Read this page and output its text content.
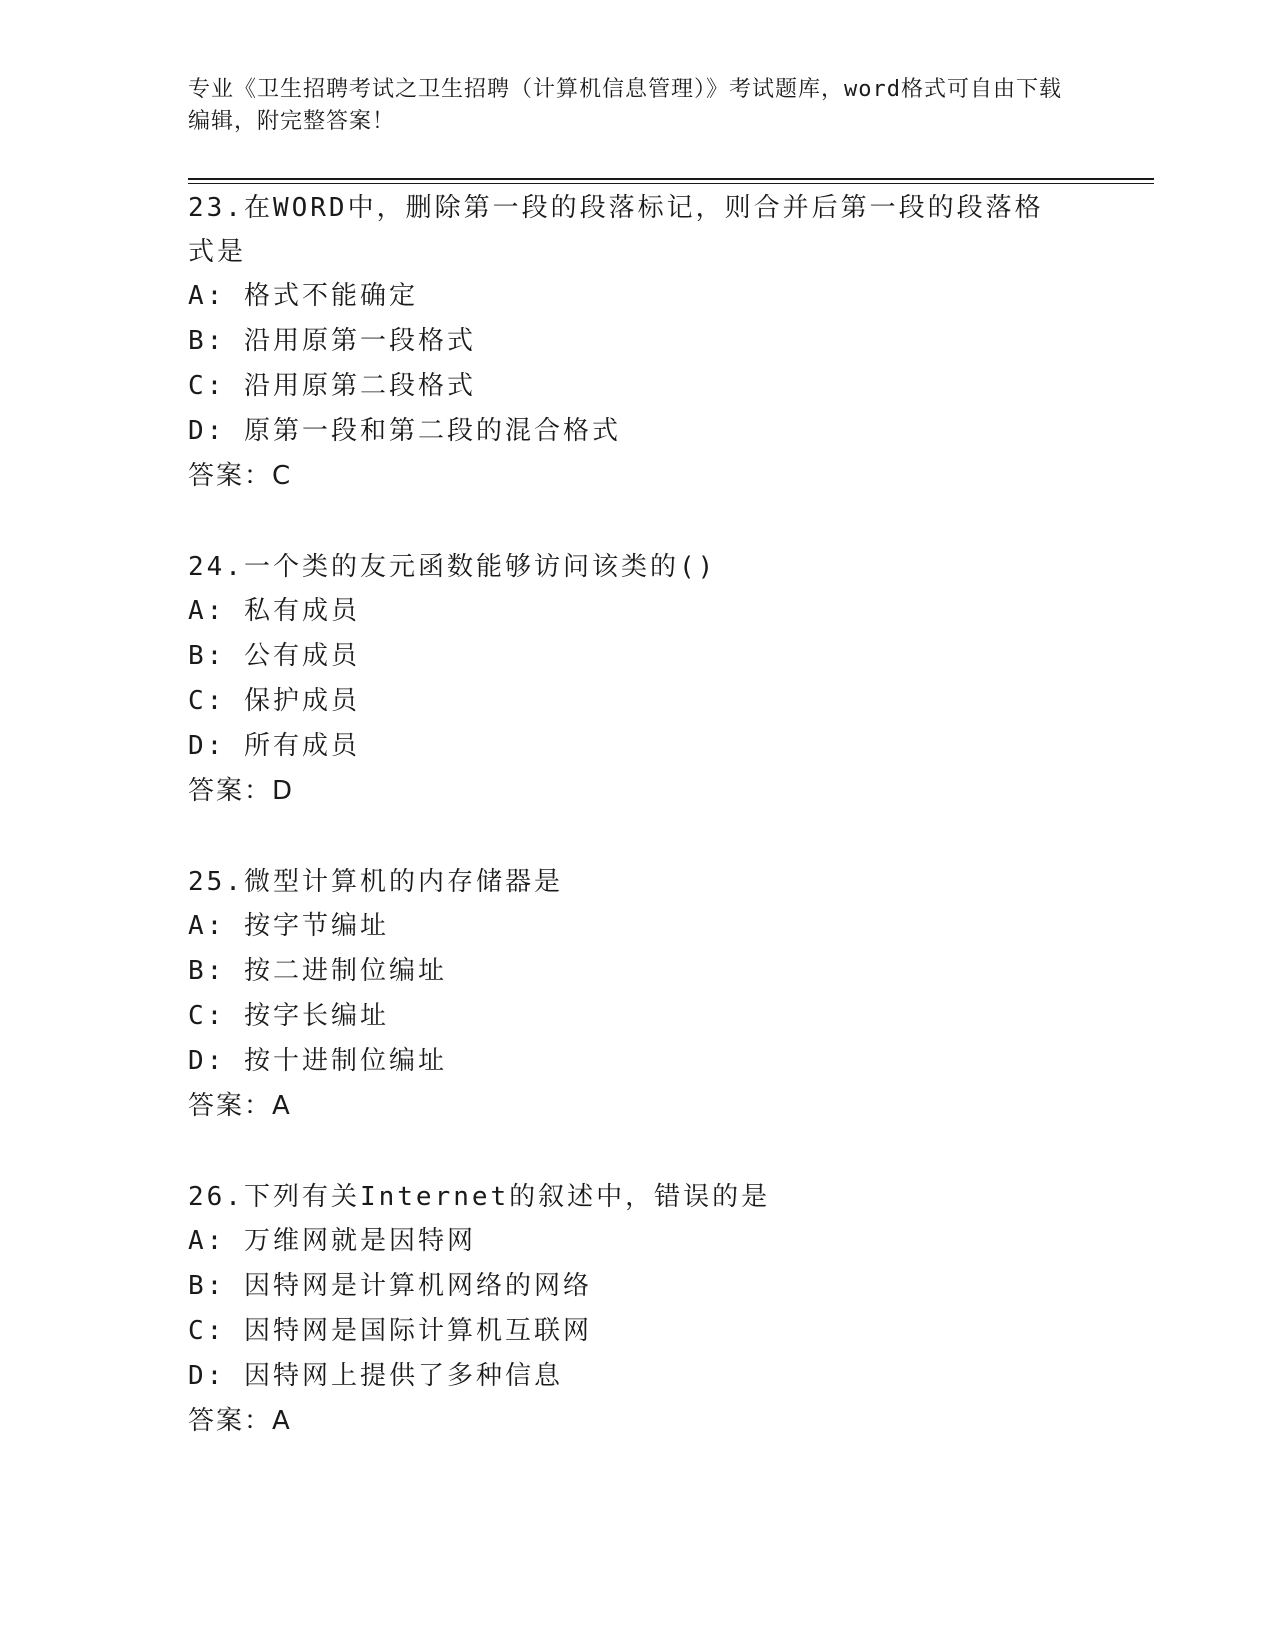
专业《卫生招聘考试之卫生招聘（计算机信息管理）》考试题库，word格式可自由下载编辑，附完整答案！
23.在WORD中，删除第一段的段落标记，则合并后第一段的段落格式是
A: 格式不能确定
B: 沿用原第一段格式
C: 沿用原第二段格式
D: 原第一段和第二段的混合格式
答案：C
24.一个类的友元函数能够访问该类的()
A: 私有成员
B: 公有成员
C: 保护成员
D: 所有成员
答案：D
25.微型计算机的内存储器是
A: 按字节编址
B: 按二进制位编址
C: 按字长编址
D: 按十进制位编址
答案：A
26.下列有关Internet的叙述中，错误的是
A: 万维网就是因特网
B: 因特网是计算机网络的网络
C: 因特网是国际计算机互联网
D: 因特网上提供了多种信息
答案：A
